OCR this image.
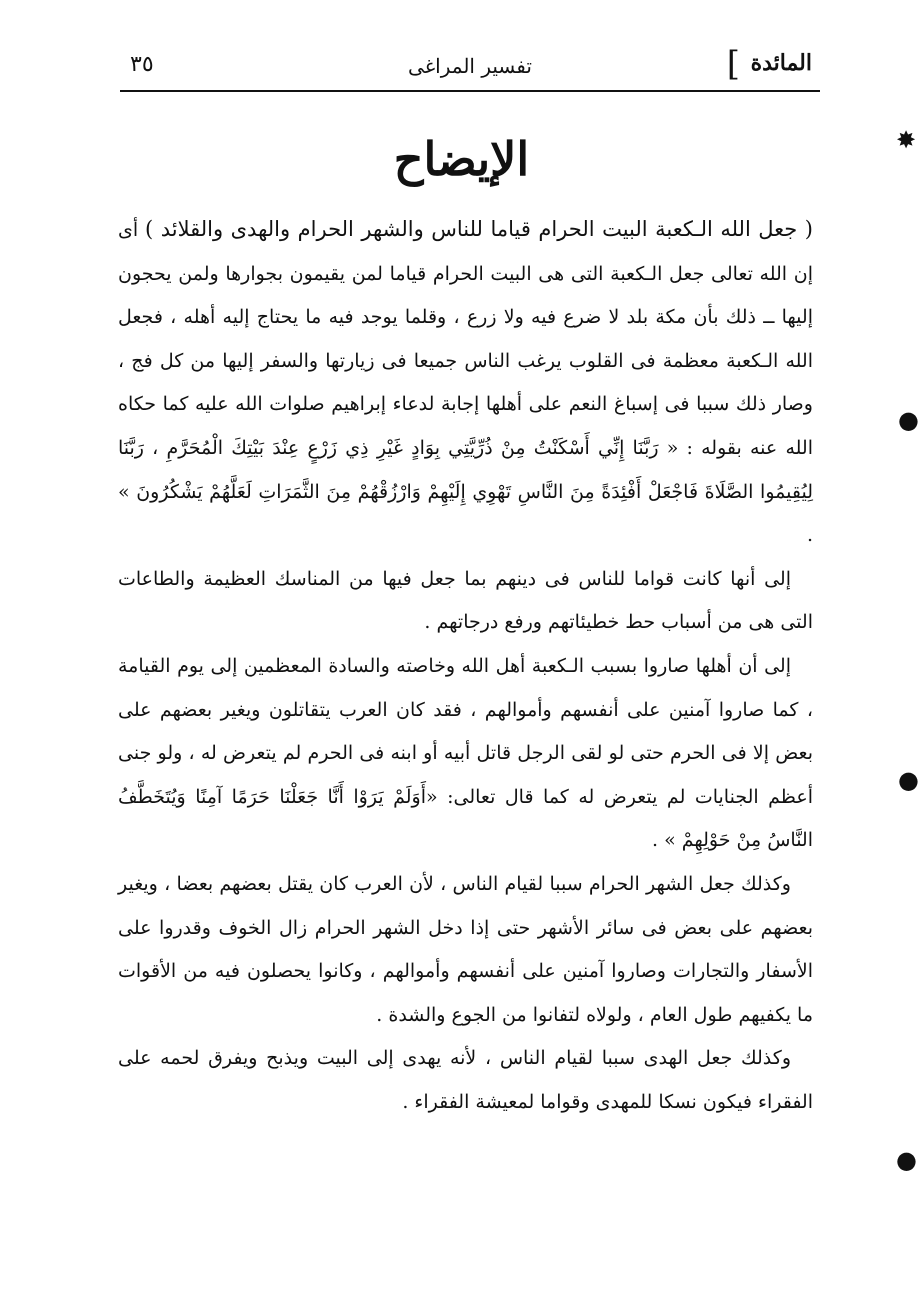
المائدة
]
تفسير المراغى
٣٥
الإيضاح

( جعل الله الـكعبة البيت الحرام قياما للناس والشهر الحرام والهدى والقلائد ) أى إن الله تعالى جعل الـكعبة التى هى البيت الحرام قياما لمن يقيمون بجوارها ولمن يحجون إليها ــ ذلك بأن مكة بلد لا ضرع فيه ولا زرع ، وقلما يوجد فيه ما يحتاج إليه أهله ، فجعل الله الـكعبة معظمة فى القلوب يرغب الناس جميعا فى زيارتها والسفر إليها من كل فج ، وصار ذلك سببا فى إسباغ النعم على أهلها إجابة لدعاء إبراهيم صلوات الله عليه كما حكاه الله عنه بقوله : « رَبَّنَا إِنِّي أَسْكَنْتُ مِنْ ذُرِّيَّتِي بِوَادٍ غَيْرِ ذِي زَرْعٍ عِنْدَ بَيْتِكَ الْمُحَرَّمِ ، رَبَّنَا لِيُقِيمُوا الصَّلَاةَ فَاجْعَلْ أَفْئِدَةً مِنَ النَّاسِ تَهْوِي إِلَيْهِمْ وَارْزُقْهُمْ مِنَ الثَّمَرَاتِ لَعَلَّهُمْ يَشْكُرُونَ » .

إلى أنها كانت قواما للناس فى دينهم بما جعل فيها من المناسك العظيمة والطاعات التى هى من أسباب حط خطيئاتهم ورفع درجاتهم .

إلى أن أهلها صاروا بسبب الـكعبة أهل الله وخاصته والسادة المعظمين إلى يوم القيامة ، كما صاروا آمنين على أنفسهم وأموالهم ، فقد كان العرب يتقاتلون ويغير بعضهم على بعض إلا فى الحرم حتى لو لقى الرجل قاتل أبيه أو ابنه فى الحرم لم يتعرض له ، ولو جنى أعظم الجنايات لم يتعرض له كما قال تعالى: «أَوَلَمْ يَرَوْا أَنَّا جَعَلْنَا حَرَمًا آمِنًا وَيُتَخَطَّفُ النَّاسُ مِنْ حَوْلِهِمْ » .

وكذلك جعل الشهر الحرام سببا لقيام الناس ، لأن العرب كان يقتل بعضهم بعضا ، ويغير بعضهم على بعض فى سائر الأشهر حتى إذا دخل الشهر الحرام زال الخوف وقدروا على الأسفار والتجارات وصاروا آمنين على أنفسهم وأموالهم ، وكانوا يحصلون فيه من الأقوات ما يكفيهم طول العام ، ولولاه لتفانوا من الجوع والشدة .

وكذلك جعل الهدى سببا لقيام الناس ، لأنه يهدى إلى البيت ويذبح ويفرق لحمه على الفقراء فيكون نسكا للمهدى وقواما لمعيشة الفقراء .

✸
●
●
●
